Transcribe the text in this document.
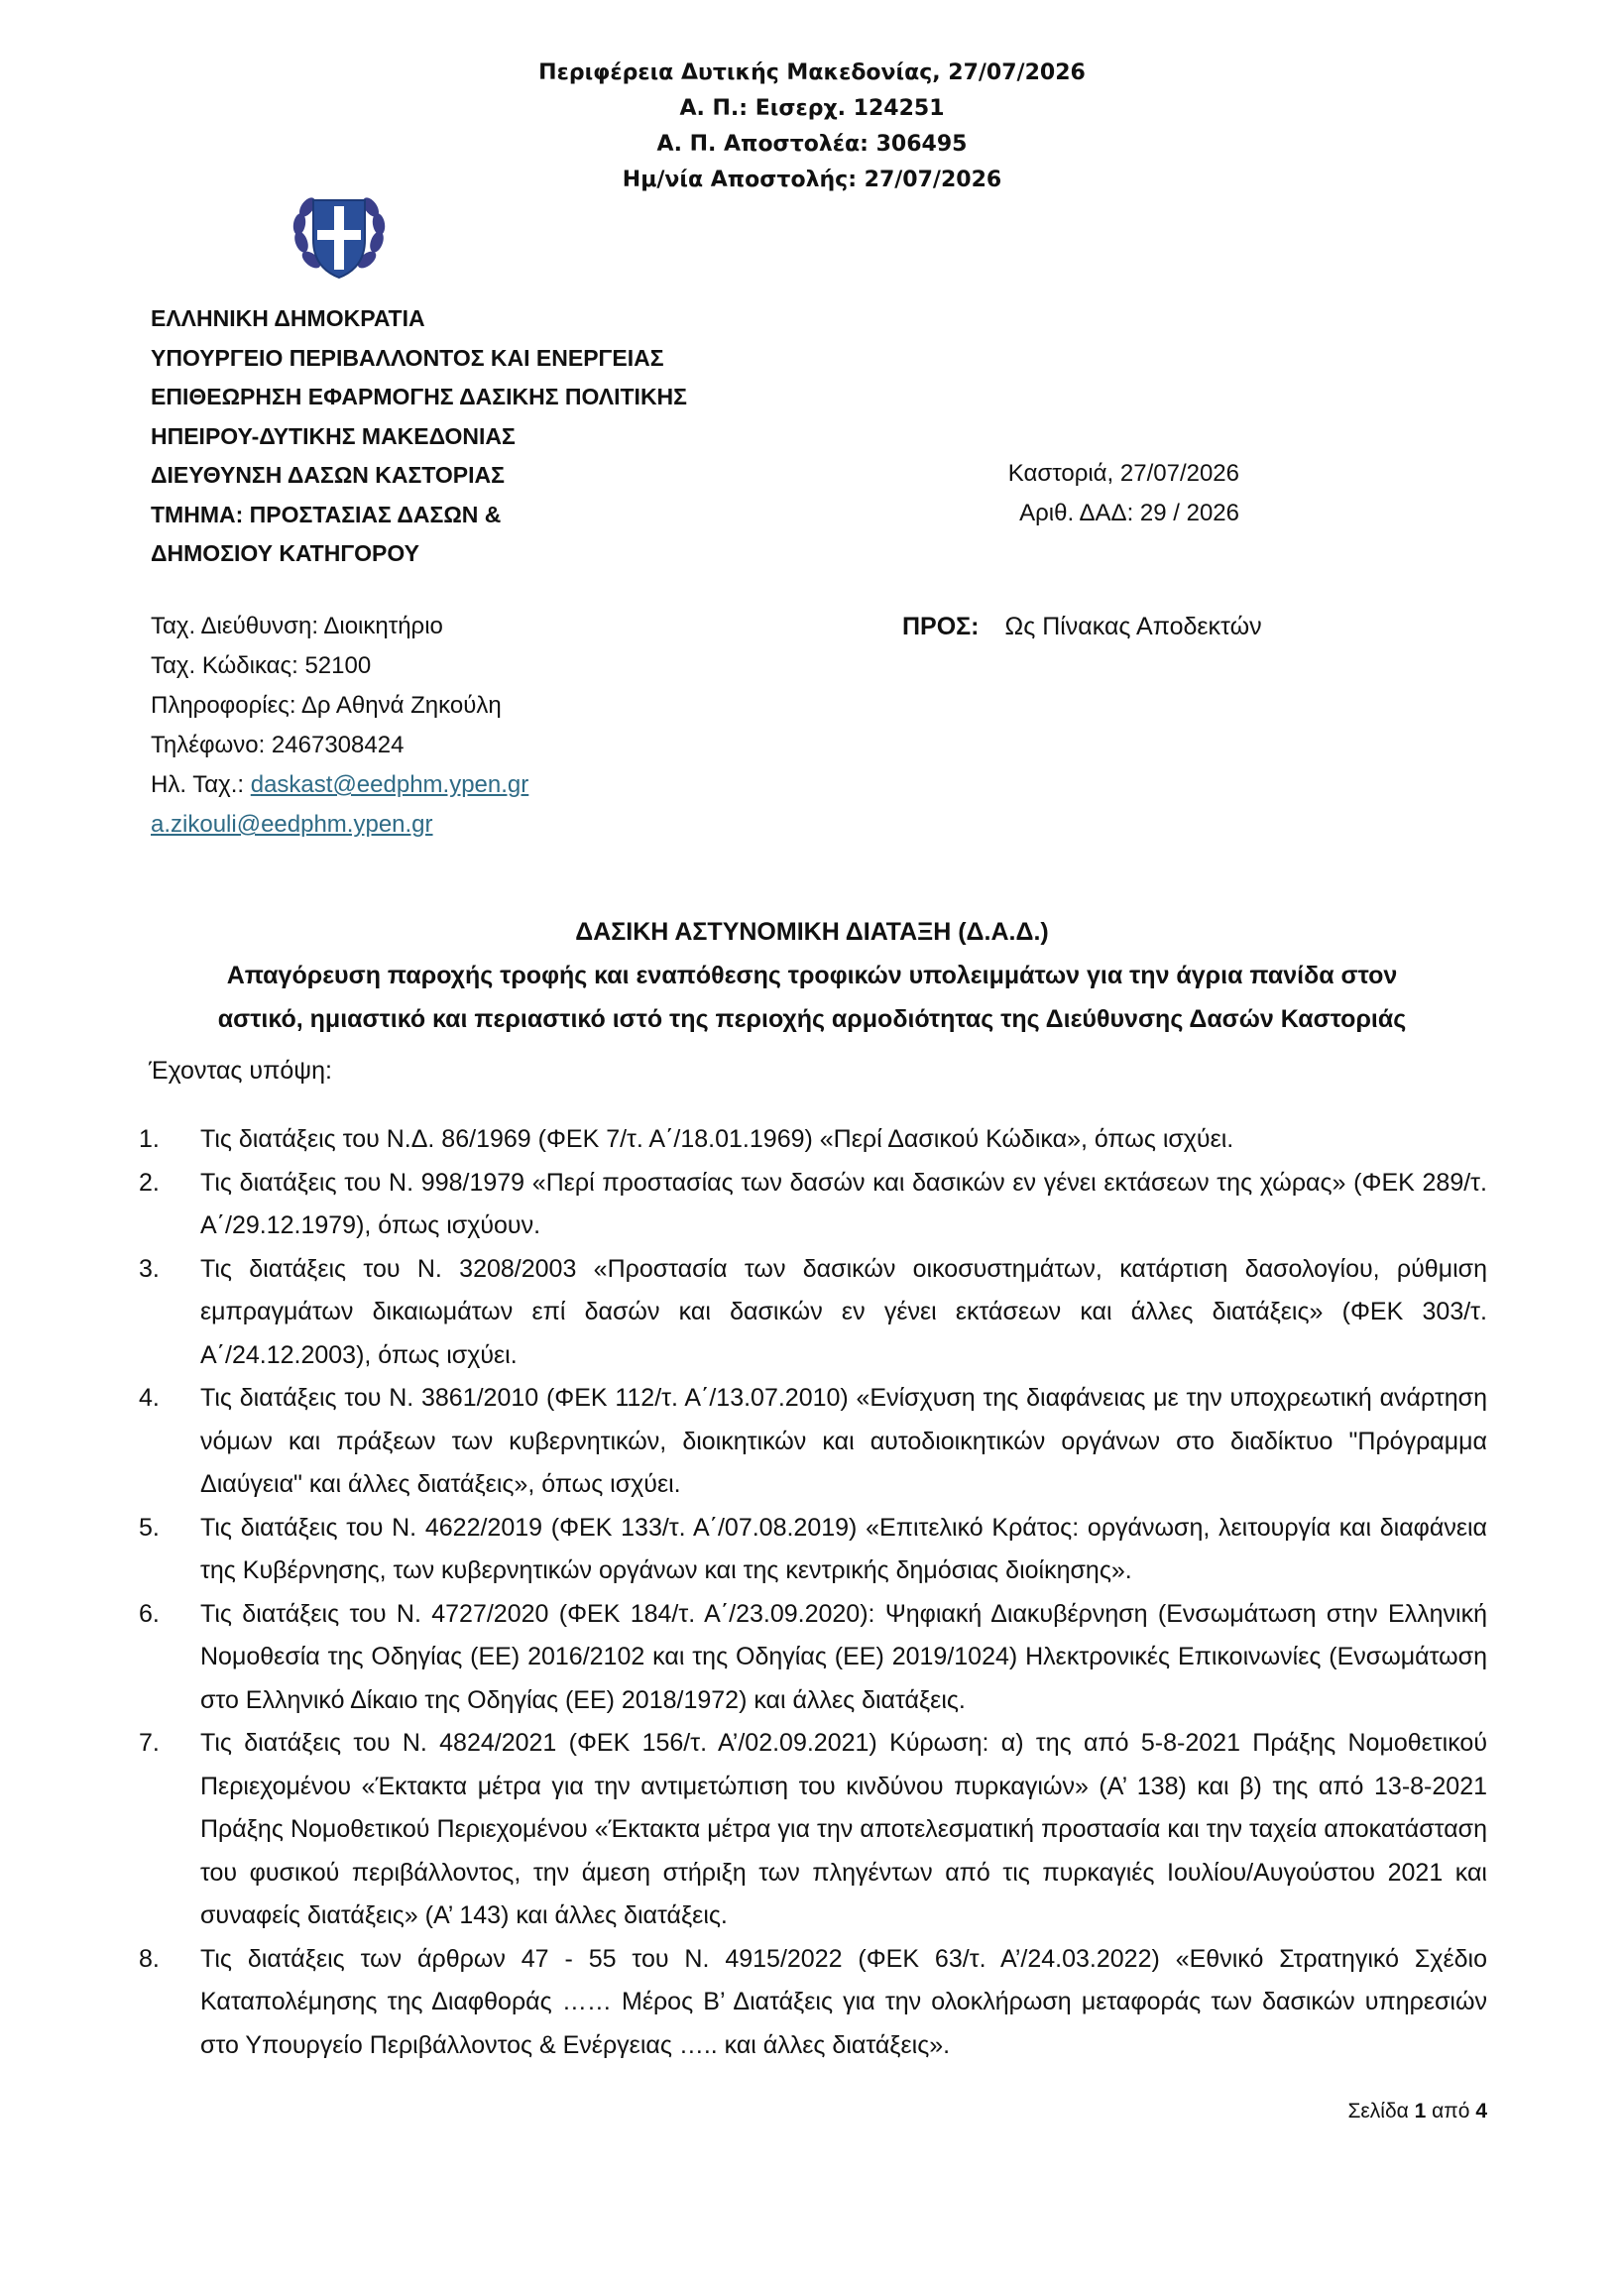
Περιφέρεια Δυτικής Μακεδονίας, 27/07/2026
Α. Π.: Εισερχ. 124251
Α. Π. Αποστολέα: 306495
Ημ/νία Αποστολής: 27/07/2026
ΕΛΛΗΝΙΚΗ ΔΗΜΟΚΡΑΤΙΑ
ΥΠΟΥΡΓΕΙΟ ΠΕΡΙΒΑΛΛΟΝΤΟΣ ΚΑΙ ΕΝΕΡΓΕΙΑΣ
ΕΠΙΘΕΩΡΗΣΗ ΕΦΑΡΜΟΓΗΣ ΔΑΣΙΚΗΣ ΠΟΛΙΤΙΚΗΣ
ΗΠΕΙΡΟΥ-ΔΥΤΙΚΗΣ ΜΑΚΕΔΟΝΙΑΣ
ΔΙΕΥΘΥΝΣΗ ΔΑΣΩΝ ΚΑΣΤΟΡΙΑΣ
ΤΜΗΜΑ: ΠΡΟΣΤΑΣΙΑΣ ΔΑΣΩΝ &
ΔΗΜΟΣΙΟΥ ΚΑΤΗΓΟΡΟΥ
Καστοριά, 27/07/2026
Αριθ. ΔΑΔ: 29 / 2026
Ταχ. Διεύθυνση: Διοικητήριο
Ταχ. Κώδικας: 52100
Πληροφορίες: Δρ Αθηνά Ζηκούλη
Τηλέφωνο: 2467308424
Ηλ. Ταχ.: daskast@eedphm.ypen.gr
a.zikouli@eedphm.ypen.gr
ΠΡΟΣ: Ως Πίνακας Αποδεκτών
ΔΑΣΙΚΗ ΑΣΤΥΝΟΜΙΚΗ ΔΙΑΤΑΞΗ (Δ.Α.Δ.)
Απαγόρευση παροχής τροφής και εναπόθεσης τροφικών υπολειμμάτων για την άγρια πανίδα στον
αστικό, ημιαστικό και περιαστικό ιστό της περιοχής αρμοδιότητας της Διεύθυνσης Δασών Καστοριάς
Έχοντας υπόψη:
1.	Τις διατάξεις του Ν.Δ. 86/1969 (ΦΕΚ 7/τ. Α΄/18.01.1969) «Περί Δασικού Κώδικα», όπως ισχύει.
2.	Τις διατάξεις του Ν. 998/1979 «Περί προστασίας των δασών και δασικών εν γένει εκτάσεων της χώρας» (ΦΕΚ 289/τ. Α΄/29.12.1979), όπως ισχύουν.
3.	Τις διατάξεις του Ν. 3208/2003 «Προστασία των δασικών οικοσυστημάτων, κατάρτιση δασολογίου, ρύθμιση εμπραγμάτων δικαιωμάτων επί δασών και δασικών εν γένει εκτάσεων και άλλες διατάξεις» (ΦΕΚ 303/τ. Α΄/24.12.2003), όπως ισχύει.
4.	Τις διατάξεις του Ν. 3861/2010 (ΦΕΚ 112/τ. Α΄/13.07.2010) «Ενίσχυση της διαφάνειας με την υποχρεωτική ανάρτηση νόμων και πράξεων των κυβερνητικών, διοικητικών και αυτοδιοικητικών οργάνων στο διαδίκτυο "Πρόγραμμα Διαύγεια" και άλλες διατάξεις», όπως ισχύει.
5.	Τις διατάξεις του Ν. 4622/2019 (ΦΕΚ 133/τ. Α΄/07.08.2019) «Επιτελικό Κράτος: οργάνωση, λειτουργία και διαφάνεια της Κυβέρνησης, των κυβερνητικών οργάνων και της κεντρικής δημόσιας διοίκησης».
6.	Τις διατάξεις του Ν. 4727/2020 (ΦΕΚ 184/τ. Α΄/23.09.2020): Ψηφιακή Διακυβέρνηση (Ενσωμάτωση στην Ελληνική Νομοθεσία της Οδηγίας (ΕΕ) 2016/2102 και της Οδηγίας (ΕΕ) 2019/1024) Ηλεκτρονικές Επικοινωνίες (Ενσωμάτωση στο Ελληνικό Δίκαιο της Οδηγίας (ΕΕ) 2018/1972) και άλλες διατάξεις.
7.	Τις διατάξεις του Ν. 4824/2021 (ΦΕΚ 156/τ. Α’/02.09.2021) Κύρωση: α) της από 5-8-2021 Πράξης Νομοθετικού Περιεχομένου «Έκτακτα μέτρα για την αντιμετώπιση του κινδύνου πυρκαγιών» (Α’ 138) και β) της από 13-8-2021 Πράξης Νομοθετικού Περιεχομένου «Έκτακτα μέτρα για την αποτελεσματική προστασία και την ταχεία αποκατάσταση του φυσικού περιβάλλοντος, την άμεση στήριξη των πληγέντων από τις πυρκαγιές Ιουλίου/Αυγούστου 2021 και συναφείς διατάξεις» (Α’ 143) και άλλες διατάξεις.
8.	Τις διατάξεις των άρθρων 47 - 55 του Ν. 4915/2022 (ΦΕΚ 63/τ. Α’/24.03.2022) «Εθνικό Στρατηγικό Σχέδιο Καταπολέμησης της Διαφθοράς …… Μέρος Β’ Διατάξεις για την ολοκλήρωση μεταφοράς των δασικών υπηρεσιών στο Υπουργείο Περιβάλλοντος & Ενέργειας ….. και άλλες διατάξεις».
Σελίδα 1 από 4
